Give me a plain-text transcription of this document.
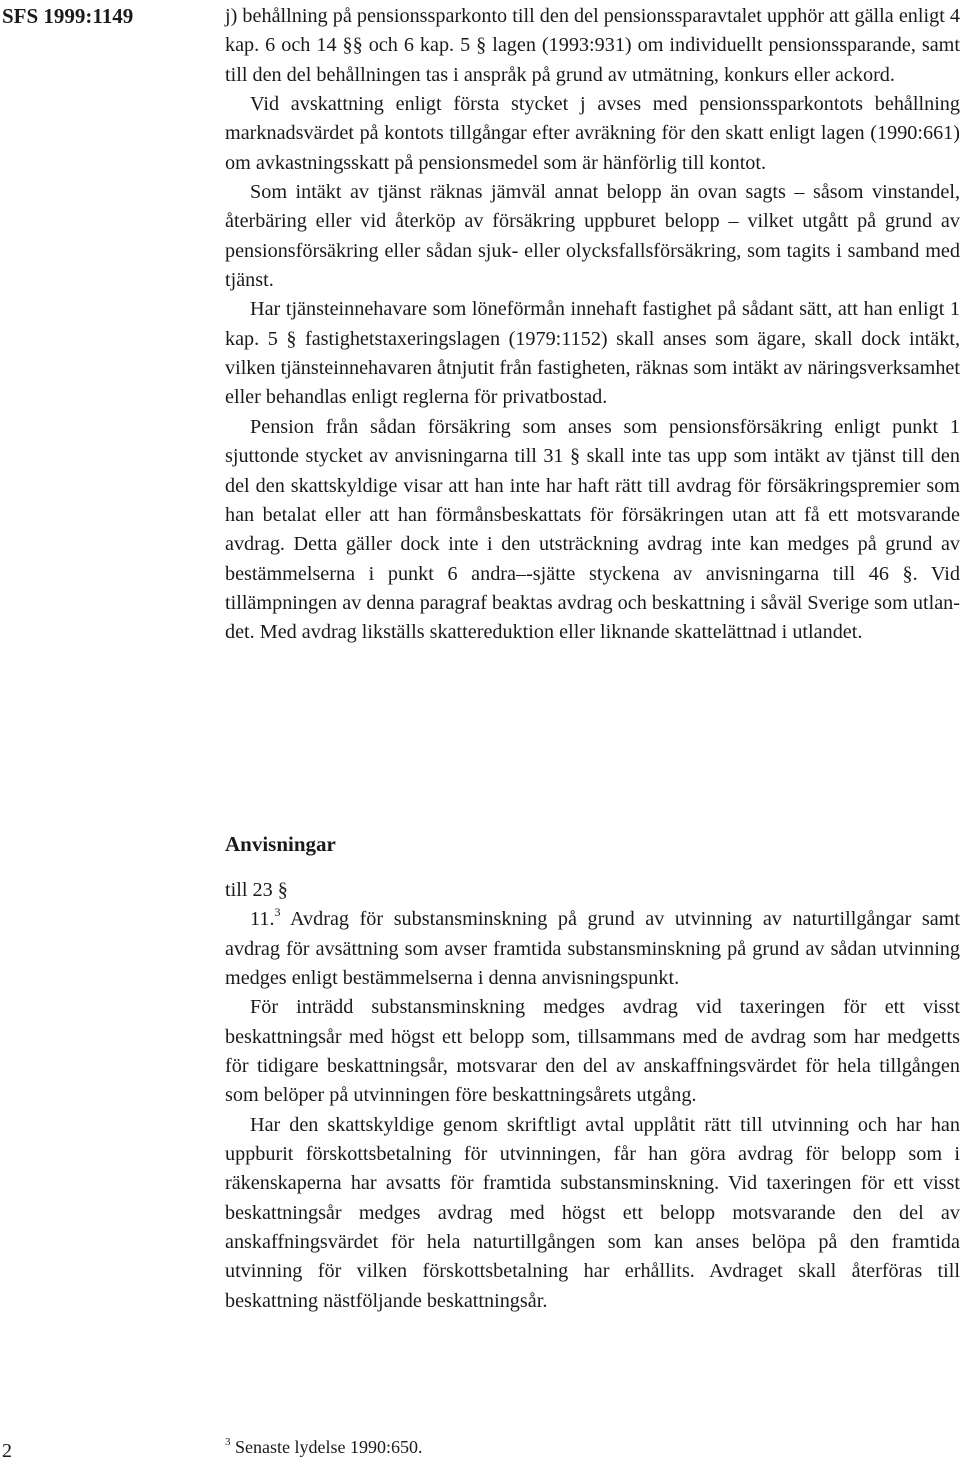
SFS 1999:1149	j) behållning på pensionssparkonto till den del pensionssparavtalet upphör att gälla enligt 4 kap. 6 och 14 §§ och 6 kap. 5 § lagen (1993:931) om individuellt pensionssparande, samt till den del behållningen tas i anspråk på grund av utmätning, konkurs eller ackord.

Vid avskattning enligt första stycket j avses med pensionssparkontots behållning marknadsvärdet på kontots tillgångar efter avräkning för den skatt enligt lagen (1990:661) om avkastningsskatt på pensionsmedel som är hänförlig till kontot.

Som intäkt av tjänst räknas jämväl annat belopp än ovan sagts – såsom vinstandel, återbäring eller vid återköp av försäkring uppburet belopp – vilket utgått på grund av pensionsförsäkring eller sådan sjuk- eller olycksfallsförsäkring, som tagits i samband med tjänst.

Har tjänsteinnehavare som löneförmån innehaft fastighet på sådant sätt, att han enligt 1 kap. 5 § fastighetstaxeringslagen (1979:1152) skall anses som ägare, skall dock intäkt, vilken tjänsteinnehavaren åtnjutit från fastigheten, räknas som intäkt av näringsverksamhet eller behandlas enligt reglerna för privatbostad.

Pension från sådan försäkring som anses som pensionsförsäkring enligt punkt 1 sjuttonde stycket av anvisningarna till 31 § skall inte tas upp som intäkt av tjänst till den del den skattskyldige visar att han inte har haft rätt till avdrag för försäkringspremier som han betalat eller att han förmånsbeskattats för försäkringen utan att få ett motsvarande avdrag. Detta gäller dock inte i den utsträckning avdrag inte kan medges på grund av bestämmelserna i punkt 6 andra–-sjätte styckena av anvisningarna till 46 §. Vid tillämpningen av denna paragraf beaktas avdrag och beskattning i såväl Sverige som utlandet. Med avdrag likställs skattereduktion eller liknande skattelättnad i utlandet.

Anvisningar

till 23 §

11.$^3$ Avdrag för substansminskning på grund av utvinning av naturtillgångar samt avdrag för avsättning som avser framtida substansminskning på grund av sådan utvinning medges enligt bestämmelserna i denna anvisningspunkt.

För inträdd substansminskning medges avdrag vid taxeringen för ett visst beskattningsår med högst ett belopp som, tillsammans med de avdrag som har medgetts för tidigare beskattningsår, motsvarar den del av anskaffningsvärdet för hela tillgången som belöper på utvinningen före beskattningsårets utgång.

Har den skattskyldige genom skriftligt avtal upplåtit rätt till utvinning och har han uppburit förskottsbetalning för utvinningen, får han göra avdrag för belopp som i räkenskaperna har avsatts för framtida substansminskning. Vid taxeringen för ett visst beskattningsår medges avdrag med högst ett belopp motsvarande den del av anskaffningsvärdet för hela naturtillgången som kan anses belöpa på den framtida utvinning för vilken förskottsbetalning har erhållits. Avdraget skall återföras till beskattning nästföljande beskattningsår.

2	$^3$ Senaste lydelse 1990:650.
